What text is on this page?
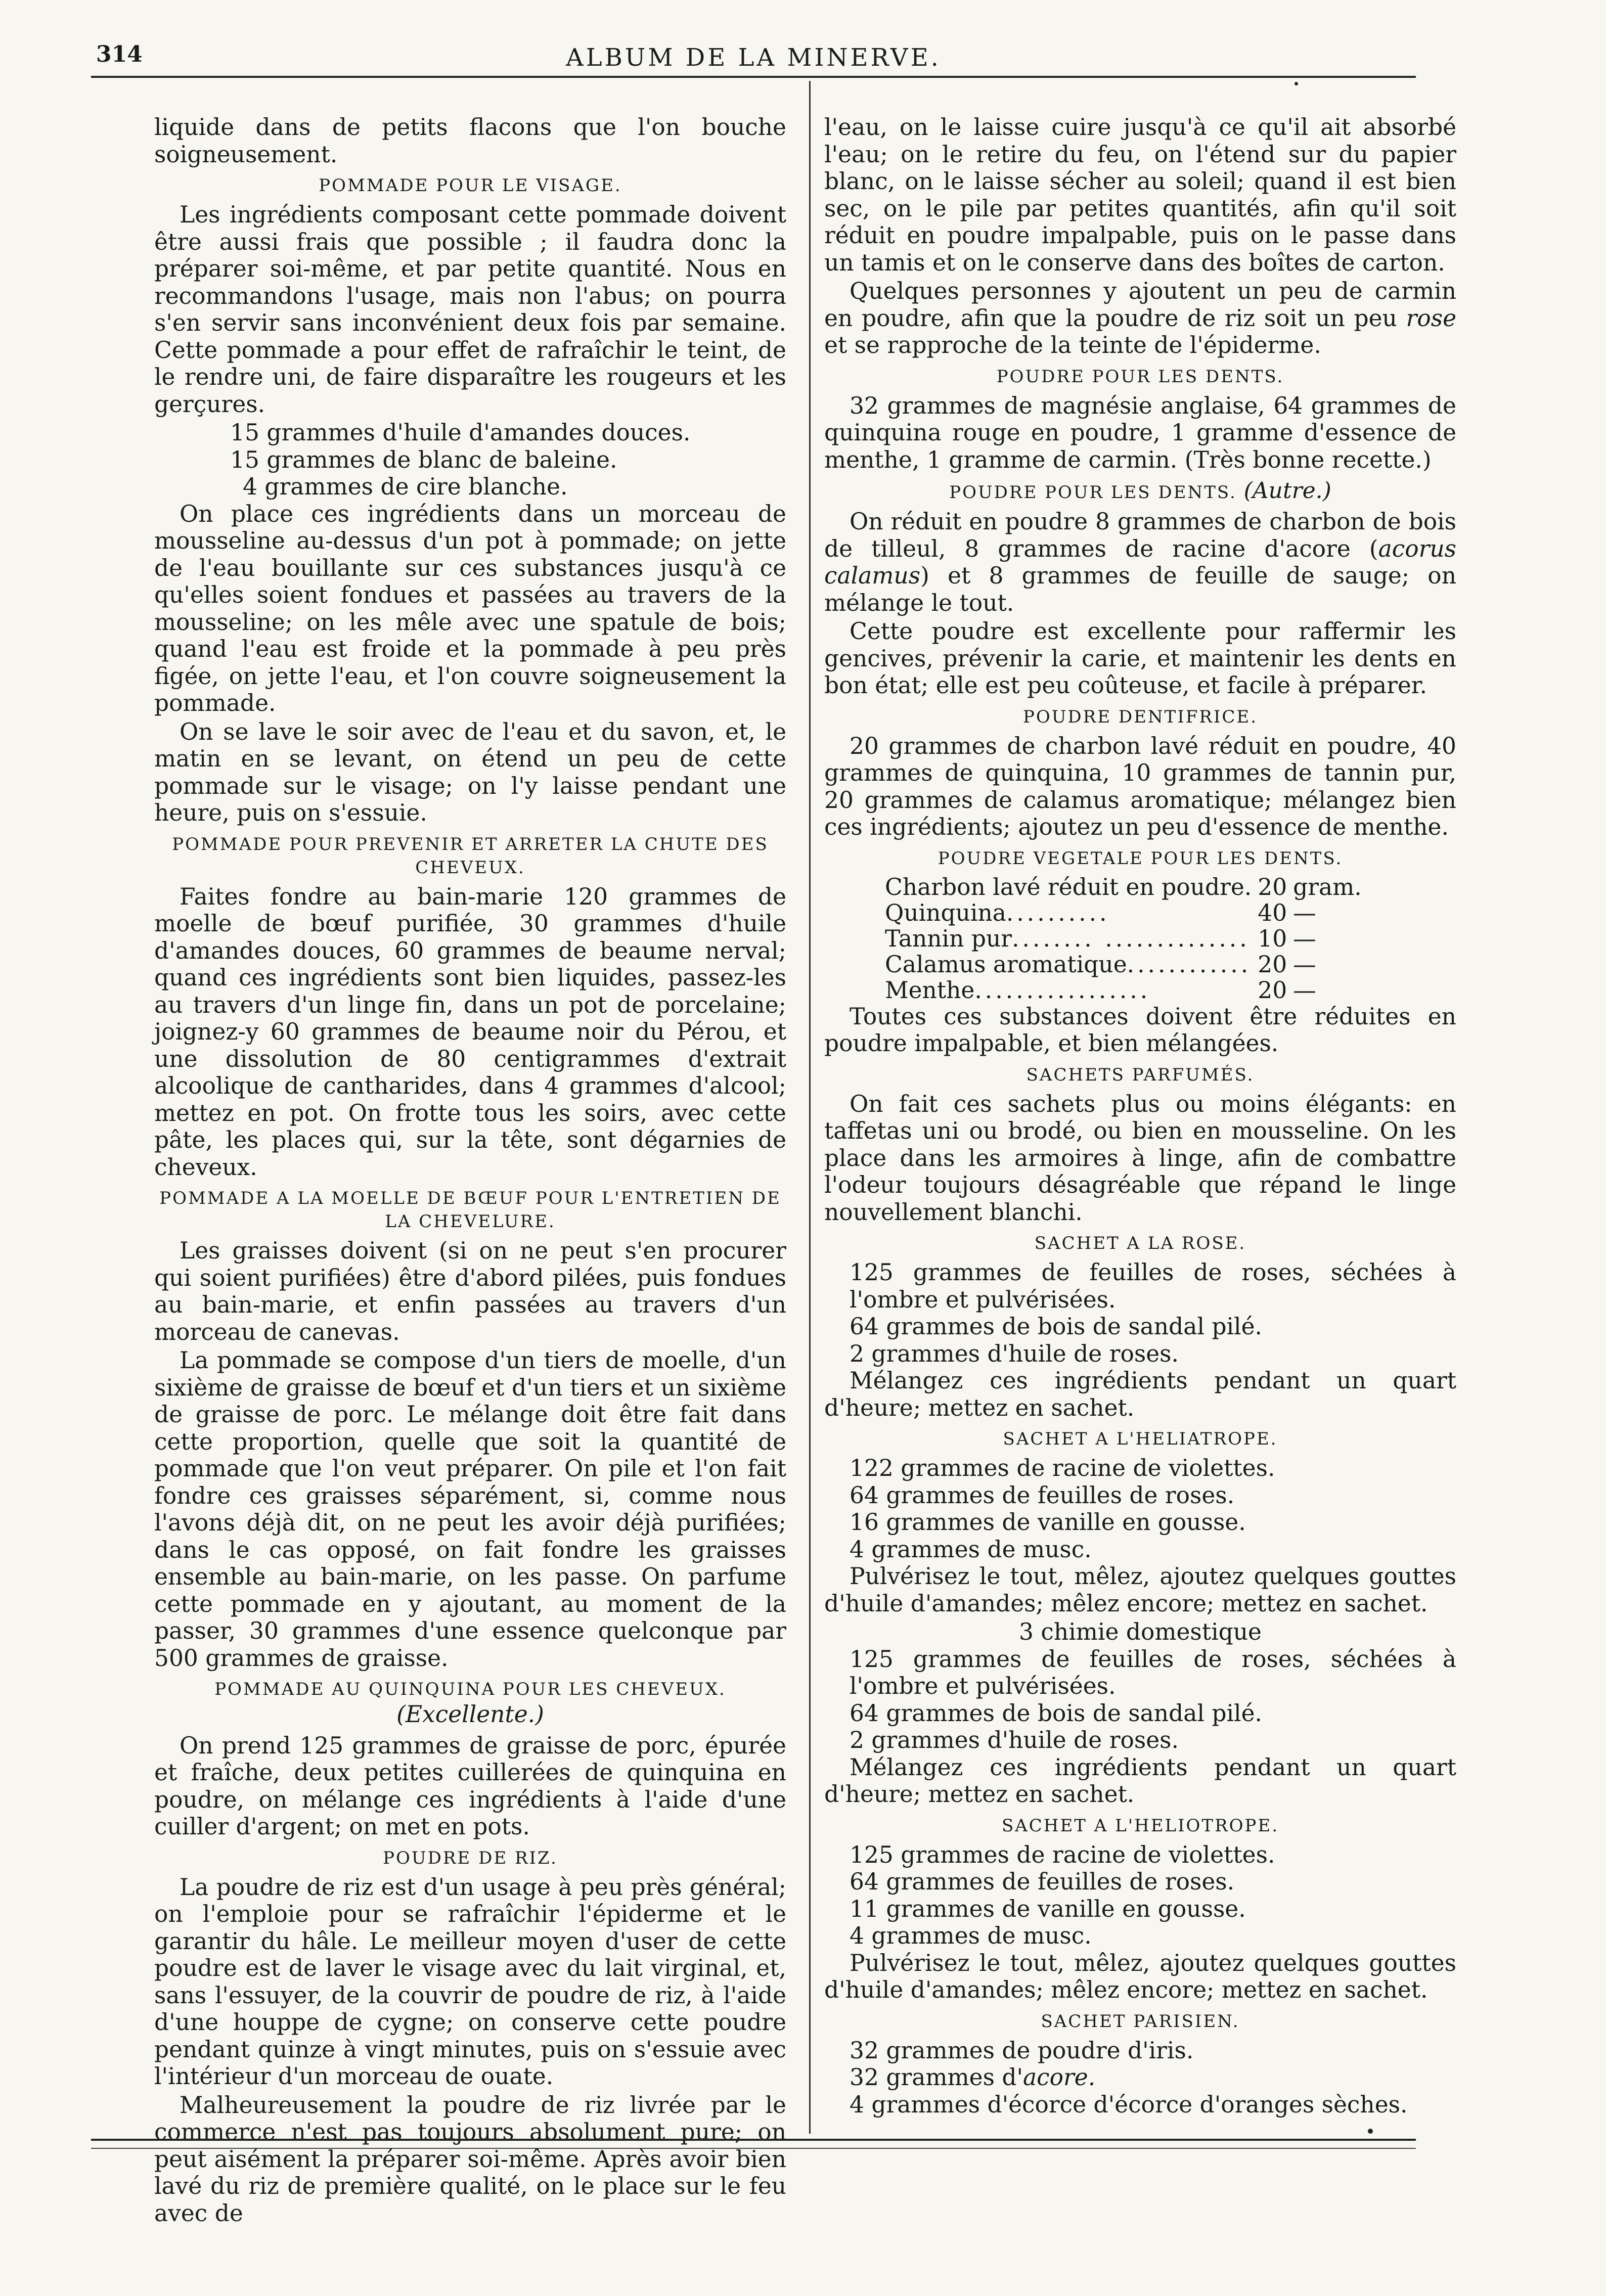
314	ALBUM DE LA MINERVE.

liquide dans de petits flacons que l'on bouche soigneusement.

POMMADE POUR LE VISAGE.

Les ingrédients composant cette pommade doivent être aussi frais que possible ; il faudra donc la préparer soi-même, et par petite quantité. Nous en recommandons l'usage, mais non l'abus; on pourra s'en servir sans inconvénient deux fois par semaine. Cette pommade a pour effet de rafraîchir le teint, de le rendre uni, de faire disparaître les rougeurs et les gerçures.

15 grammes d'huile d'amandes douces.
15 grammes de blanc de baleine.
4 grammes de cire blanche.

On place ces ingrédients dans un morceau de mousseline au-dessus d'un pot à pommade; on jette de l'eau bouillante sur ces substances jusqu'à ce qu'elles soient fondues et passées au travers de la mousseline; on les mêle avec une spatule de bois; quand l'eau est froide et la pommade à peu près figée, on jette l'eau, et l'on couvre soigneusement la pommade.

On se lave le soir avec de l'eau et du savon, et, le matin en se levant, on étend un peu de cette pommade sur le visage; on l'y laisse pendant une heure, puis on s'essuie.

POMMADE POUR PREVENIR ET ARRETER LA CHUTE DES CHEVEUX.

Faites fondre au bain-marie 120 grammes de moelle de bœuf purifiée, 30 grammes d'huile d'amandes douces, 60 grammes de beaume nerval; quand ces ingrédients sont bien liquides, passez-les au travers d'un linge fin, dans un pot de porcelaine; joignez-y 60 grammes de beaume noir du Pérou, et une dissolution de 80 centigrammes d'extrait alcoolique de cantharides, dans 4 grammes d'alcool; mettez en pot. On frotte tous les soirs, avec cette pâte, les places qui, sur la tête, sont dégarnies de cheveux.

POMMADE A LA MOELLE DE BŒUF POUR L'ENTRETIEN DE LA CHEVELURE.

Les graisses doivent (si on ne peut s'en procurer qui soient purifiées) être d'abord pilées, puis fondues au bain-marie, et enfin passées au travers d'un morceau de canevas.

La pommade se compose d'un tiers de moelle, d'un sixième de graisse de bœuf et d'un tiers et un sixième de graisse de porc. Le mélange doit être fait dans cette proportion, quelle que soit la quantité de pommade que l'on veut préparer. On pile et l'on fait fondre ces graisses séparément, si, comme nous l'avons déjà dit, on ne peut les avoir déjà purifiées; dans le cas opposé, on fait fondre les graisses ensemble au bain-marie, on les passe. On parfume cette pommade en y ajoutant, au moment de la passer, 30 grammes d'une essence quelconque par 500 grammes de graisse.

POMMADE AU QUINQUINA POUR LES CHEVEUX.
(Excellente.)

On prend 125 grammes de graisse de porc, épurée et fraîche, deux petites cuillerées de quinquina en poudre, on mélange ces ingrédients à l'aide d'une cuiller d'argent; on met en pots.

POUDRE DE RIZ.

La poudre de riz est d'un usage à peu près général; on l'emploie pour se rafraîchir l'épiderme et le garantir du hâle. Le meilleur moyen d'user de cette poudre est de laver le visage avec du lait virginal, et, sans l'essuyer, de la couvrir de poudre de riz, à l'aide d'une houppe de cygne; on conserve cette poudre pendant quinze à vingt minutes, puis on s'essuie avec l'intérieur d'un morceau de ouate.

Malheureusement la poudre de riz livrée par le commerce n'est pas toujours absolument pure; on peut aisément la préparer soi-même. Après avoir bien lavé du riz de première qualité, on le place sur le feu avec de

l'eau, on le laisse cuire jusqu'à ce qu'il ait absorbé l'eau; on le retire du feu, on l'étend sur du papier blanc, on le laisse sécher au soleil; quand il est bien sec, on le pile par petites quantités, afin qu'il soit réduit en poudre impalpable, puis on le passe dans un tamis et on le conserve dans des boîtes de carton.

Quelques personnes y ajoutent un peu de carmin en poudre, afin que la poudre de riz soit un peu rose et se rapproche de la teinte de l'épiderme.

POUDRE POUR LES DENTS.

32 grammes de magnésie anglaise, 64 grammes de quinquina rouge en poudre, 1 gramme d'essence de menthe, 1 gramme de carmin. (Très bonne recette.)

POUDRE POUR LES DENTS. (Autre.)

On réduit en poudre 8 grammes de charbon de bois de tilleul, 8 grammes de racine d'acore (acorus calamus) et 8 grammes de feuille de sauge; on mélange le tout.

Cette poudre est excellente pour raffermir les gencives, prévenir la carie, et maintenir les dents en bon état; elle est peu coûteuse, et facile à préparer.

POUDRE DENTIFRICE.

20 grammes de charbon lavé réduit en poudre, 40 grammes de quinquina, 10 grammes de tannin pur, 20 grammes de calamus aromatique; mélangez bien ces ingrédients; ajoutez un peu d'essence de menthe.

POUDRE VEGETALE POUR LES DENTS.
Charbon lavé réduit en poudre.	20	gram.
Quinquina..........	40	—
Tannin pur........ ..............	10	—
Calamus aromatique............	20	—
Menthe.................	20	—

Toutes ces substances doivent être réduites en poudre impalpable, et bien mélangées.

SACHETS PARFUMÉS.

On fait ces sachets plus ou moins élégants: en taffetas uni ou brodé, ou bien en mousseline. On les place dans les armoires à linge, afin de combattre l'odeur toujours désagréable que répand le linge nouvellement blanchi.

SACHET A LA ROSE.
125 grammes de feuilles de roses, séchées à l'ombre et pulvérisées.
64 grammes de bois de sandal pilé.
2 grammes d'huile de roses.

Mélangez ces ingrédients pendant un quart d'heure; mettez en sachet.

SACHET A L'HELIATROPE.
122 grammes de racine de violettes.
64 grammes de feuilles de roses.
16 grammes de vanille en gousse.
4 grammes de musc.

Pulvérisez le tout, mêlez, ajoutez quelques gouttes d'huile d'amandes; mêlez encore; mettez en sachet.

3 chimie domestique
125 grammes de feuilles de roses, séchées à l'ombre et pulvérisées.
64 grammes de bois de sandal pilé.
2 grammes d'huile de roses.

Mélangez ces ingrédients pendant un quart d'heure; mettez en sachet.

SACHET A L'HELIOTROPE.
125 grammes de racine de violettes.
64 grammes de feuilles de roses.
11 grammes de vanille en gousse.
4 grammes de musc.

Pulvérisez le tout, mêlez, ajoutez quelques gouttes d'huile d'amandes; mêlez encore; mettez en sachet.

SACHET PARISIEN.
32 grammes de poudre d'iris.
32 grammes d'acore.
4 grammes d'écorce d'écorce d'oranges sèches.
